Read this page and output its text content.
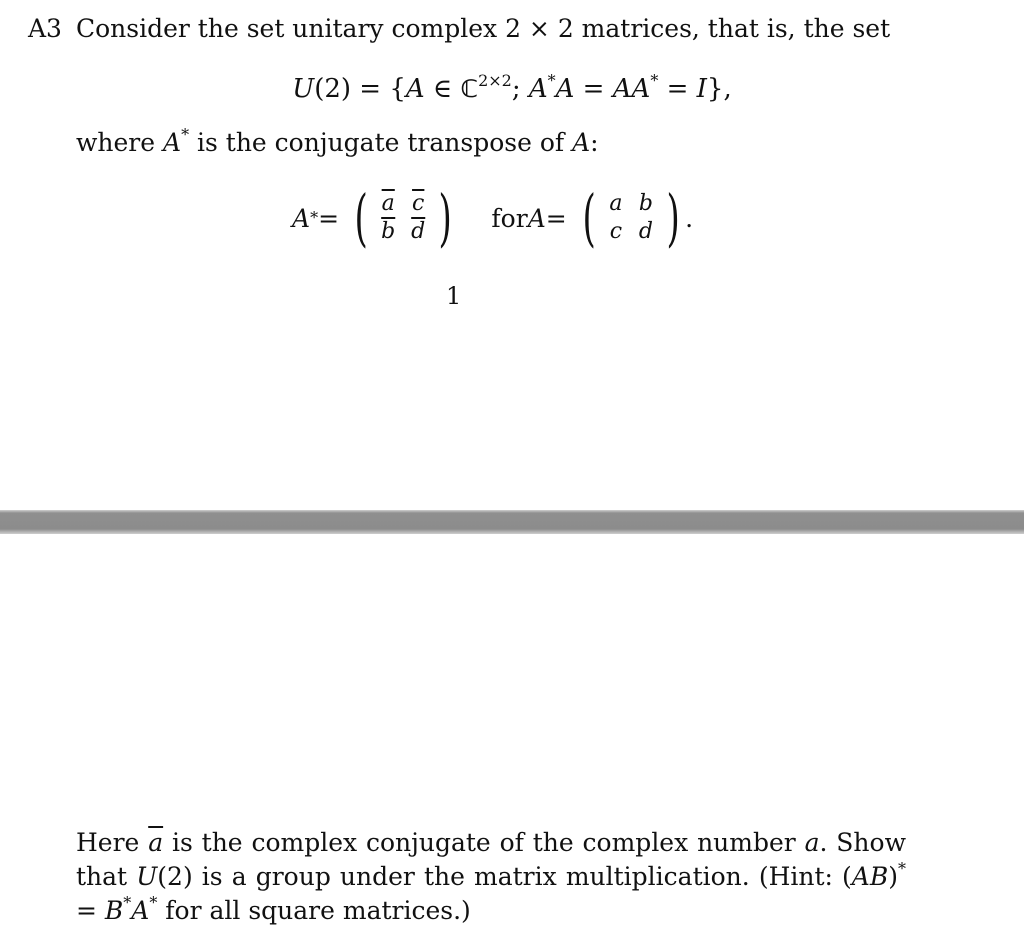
A3 Consider the set unitary complex 2 × 2 matrices, that is, the set
U(2) = {A ∈ ℂ$^{2\times 2}$; A*A = AA* = I},
where A* is the conjugate transpose of A:
A * = ( $\overline{a}$ $\overline{c}$
$\overline{b}$ $\overline{d}$ ) for A = ( a b
c d ) .
1
Here $\overline{a}$ is the complex conjugate of the complex number a. Show that U(2) is a group under the matrix multiplication. (Hint: (AB)* = B*A* for all square matrices.)
